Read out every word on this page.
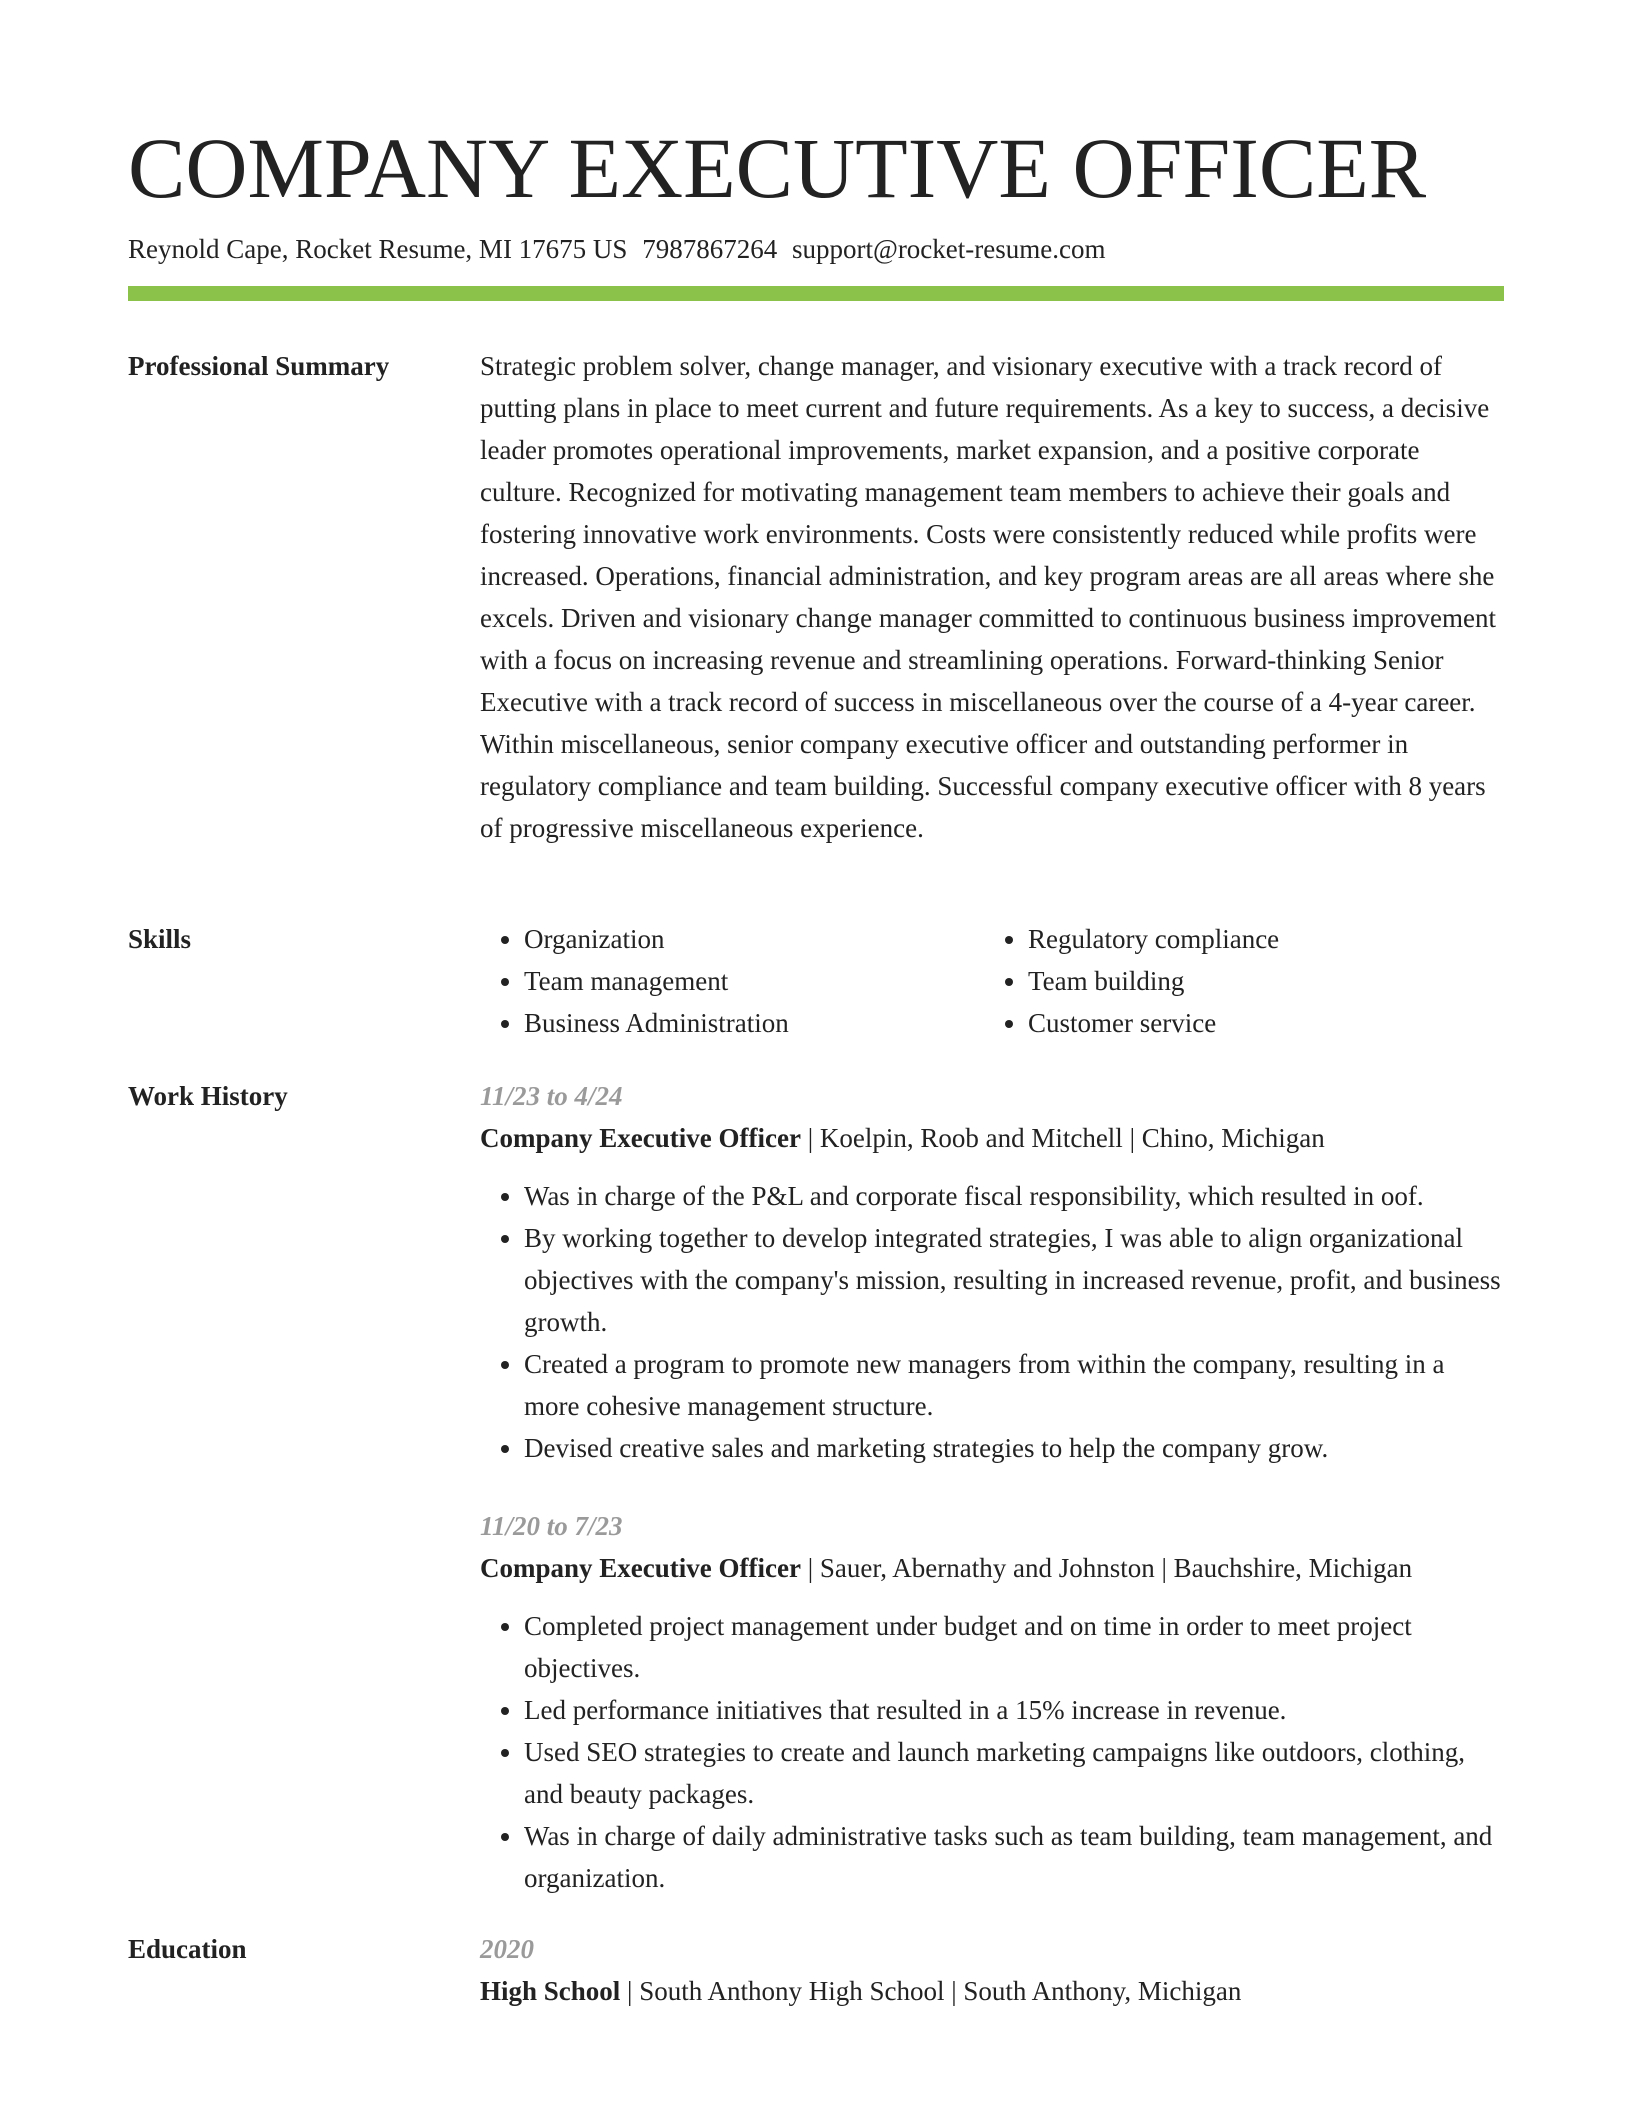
COMPANY EXECUTIVE OFFICER
Reynold Cape, Rocket Resume, MI 17675 US 7987867264 support@rocket-resume.com
Professional Summary	Strategic problem solver, change manager, and visionary executive with a track record of putting plans in place to meet current and future requirements. As a key to success, a decisive leader promotes operational improvements, market expansion, and a positive corporate culture. Recognized for motivating management team members to achieve their goals and fostering innovative work environments. Costs were consistently reduced while profits were increased. Operations, financial administration, and key program areas are all areas where she excels. Driven and visionary change manager committed to continuous business improvement with a focus on increasing revenue and streamlining operations. Forward-thinking Senior Executive with a track record of success in miscellaneous over the course of a 4-year career. Within miscellaneous, senior company executive officer and outstanding performer in regulatory compliance and team building. Successful company executive officer with 8 years of progressive miscellaneous experience.

Skills
•	Organization
• Team management
• Business Administration
• Regulatory compliance
• Team building
• Customer service
Work History	11/23 to 4/24

Company Executive Officer | Koelpin, Roob and Mitchell | Chino, Michigan

• Was in charge of the P&L and corporate fiscal responsibility, which resulted in oof.
• By working together to develop integrated strategies, I was able to align organizational objectives with the company's mission, resulting in increased revenue, profit, and business growth.
• Created a program to promote new managers from within the company, resulting in a more cohesive management structure.
• Devised creative sales and marketing strategies to help the company grow.

11/20 to 7/23

Company Executive Officer | Sauer, Abernathy and Johnston | Bauchshire, Michigan

• Completed project management under budget and on time in order to meet project objectives.
• Led performance initiatives that resulted in a 15% increase in revenue.
• Used SEO strategies to create and launch marketing campaigns like outdoors, clothing, and beauty packages.
• Was in charge of daily administrative tasks such as team building, team management, and organization.
Education	2020

High School | South Anthony High School | South Anthony, Michigan
